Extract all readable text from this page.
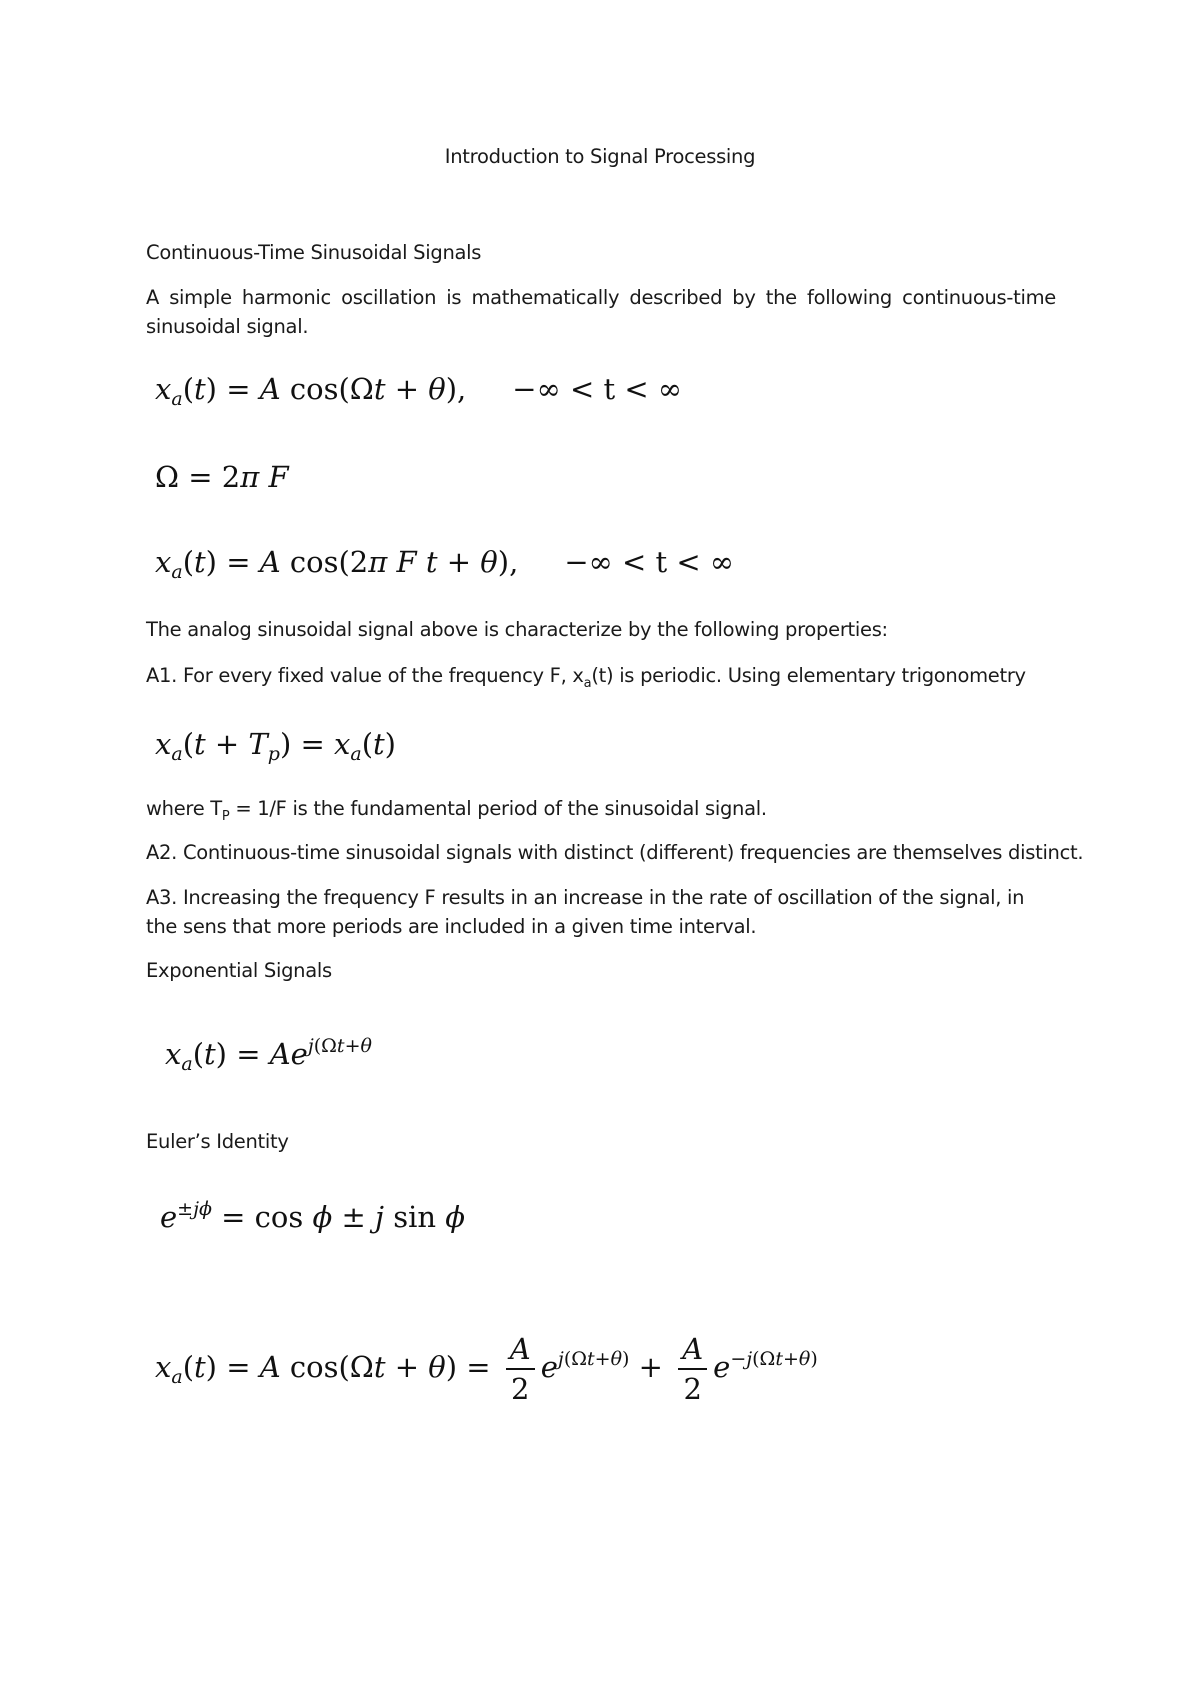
Introduction to Signal Processing
Continuous-Time Sinusoidal Signals
A simple harmonic oscillation is mathematically described by the following continuous-time sinusoidal signal.
$x_a(t) = A$ cos(Ωt + θ), −∞ < t < ∞
Ω = 2π F
$x_a(t) = A$ cos(2π F t + θ), −∞ < t < ∞
The analog sinusoidal signal above is characterize by the following properties:
A1. For every fixed value of the frequency F, $x_a(t)$ is periodic. Using elementary trigonometry
$x_a(t + T_p) = x_a(t)$
where $T_P = 1/F$ is the fundamental period of the sinusoidal signal.
A2. Continuous-time sinusoidal signals with distinct (different) frequencies are themselves distinct.
A3. Increasing the frequency F results in an increase in the rate of oscillation of the signal, in the sens that more periods are included in a given time interval.
Exponential Signals
$x_a(t) = Ae^{j(\Omega t+\theta}$
Euler’s Identity
$e^{\pm j\phi} = \cos \phi \pm j$ sin ϕ
$x_a(t) = A$ $\cos(\Omega t + \theta) = \frac{A}{2} e^{j(\Omega t+\theta)} + \frac{A}{2} e^{-j(\Omega t+\theta)}$
